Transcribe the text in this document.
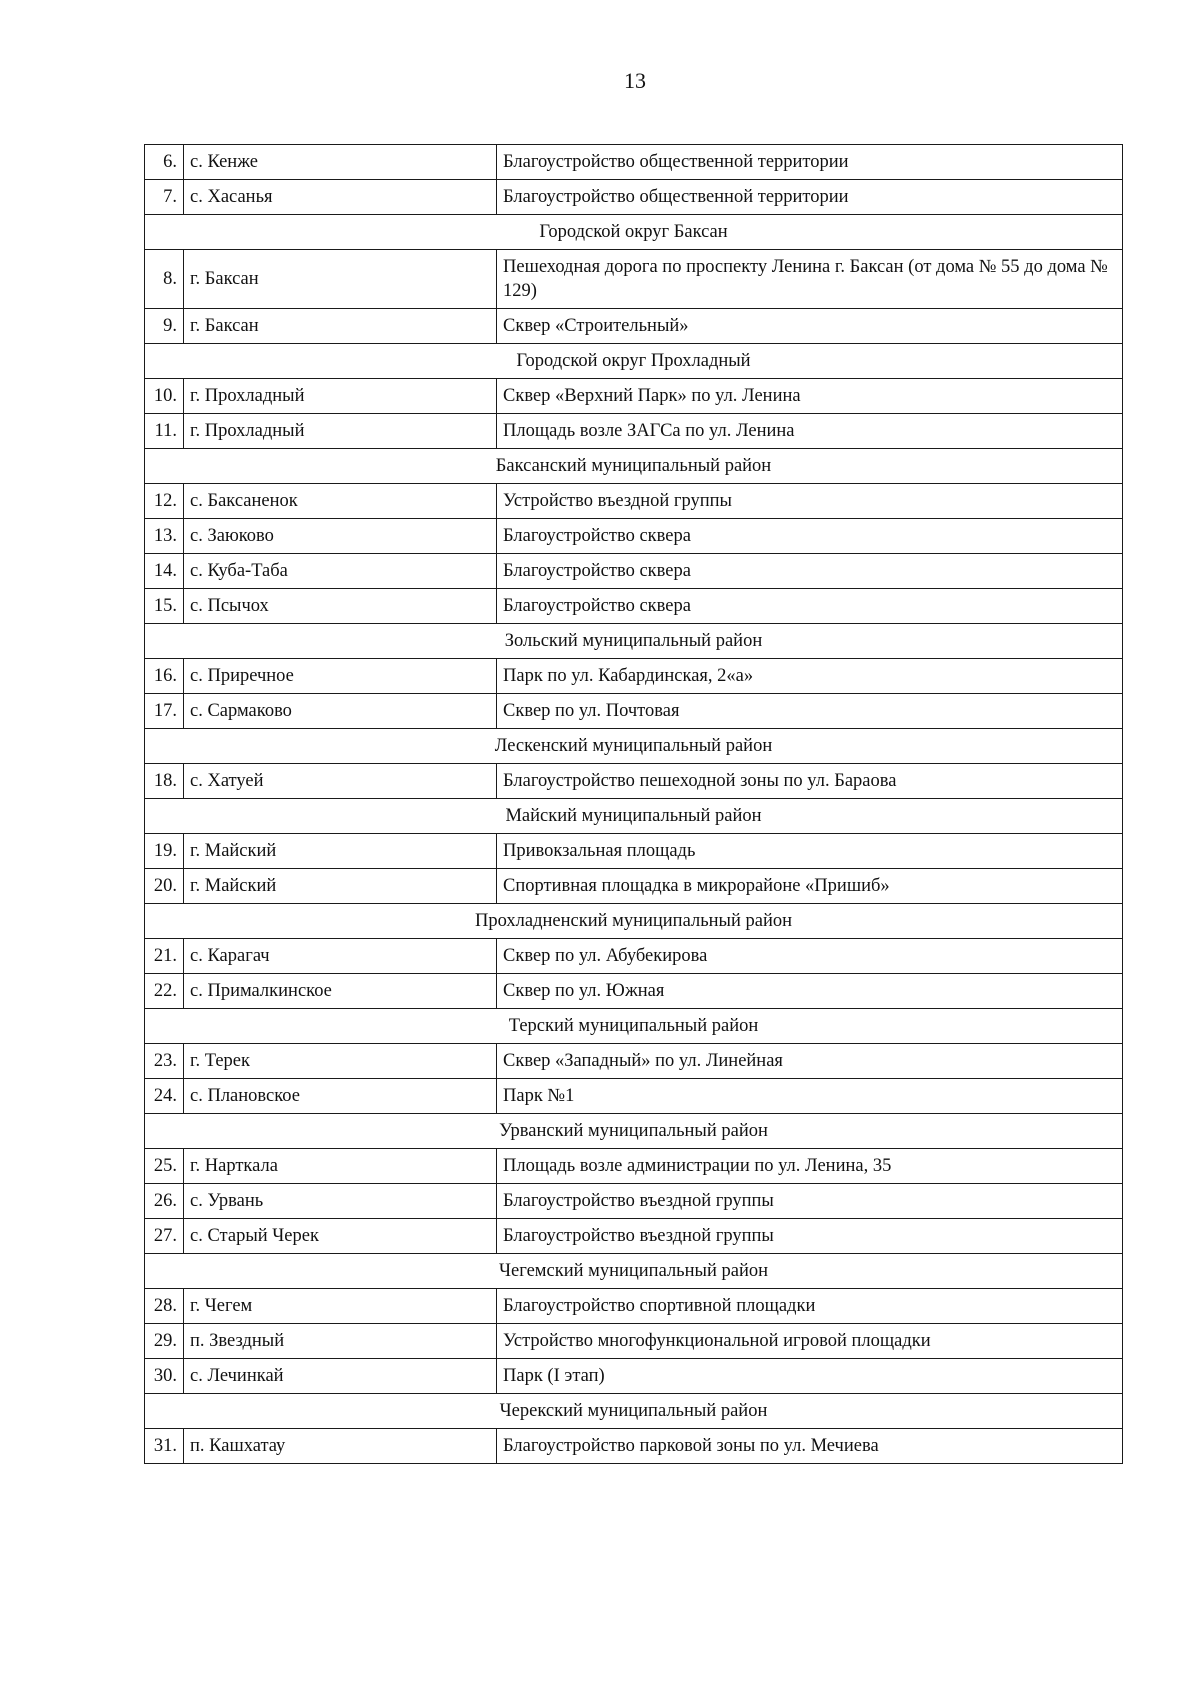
13
6.	с. Кенже	Благоустройство общественной территории
7.	с. Хасанья	Благоустройство общественной территории
Городской округ Баксан		
8.	г. Баксан	Пешеходная дорога по проспекту Ленина г. Баксан (от дома № 55 до дома № 129)
9.	г. Баксан	Сквер «Строительный»
Городской округ Прохладный		
10.	г. Прохладный	Сквер «Верхний Парк» по ул. Ленина
11.	г. Прохладный	Площадь возле ЗАГСа по ул. Ленина
Баксанский муниципальный район		
12.	с. Баксаненок	Устройство въездной группы
13.	с. Заюково	Благоустройство сквера
14.	с. Куба-Таба	Благоустройство сквера
15.	с. Псычох	Благоустройство сквера
Зольский муниципальный район		
16.	с. Приречное	Парк по ул. Кабардинская, 2«а»
17.	с. Сармаково	Сквер по ул. Почтовая
Лескенский муниципальный район		
18.	с. Хатуей	Благоустройство пешеходной зоны по ул. Бараова
Майский муниципальный район		
19.	г. Майский	Привокзальная площадь
20.	г. Майский	Спортивная площадка в микрорайоне «Пришиб»
Прохладненский муниципальный район		
21.	с. Карагач	Сквер по ул. Абубекирова
22.	с. Прималкинское	Сквер по ул. Южная
Терский муниципальный район		
23.	г. Терек	Сквер «Западный» по ул. Линейная
24.	с. Плановское	Парк №1
Урванский муниципальный район		
25.	г. Нарткала	Площадь возле администрации по ул. Ленина, 35
26.	с. Урвань	Благоустройство въездной группы
27.	с. Старый Черек	Благоустройство въездной группы
Чегемский муниципальный район		
28.	г. Чегем	Благоустройство спортивной площадки
29.	п. Звездный	Устройство многофункциональной игровой площадки
30.	с. Лечинкай	Парк (I этап)
Черекский муниципальный район		
31.	п. Кашхатау	Благоустройство парковой зоны по ул. Мечиева
